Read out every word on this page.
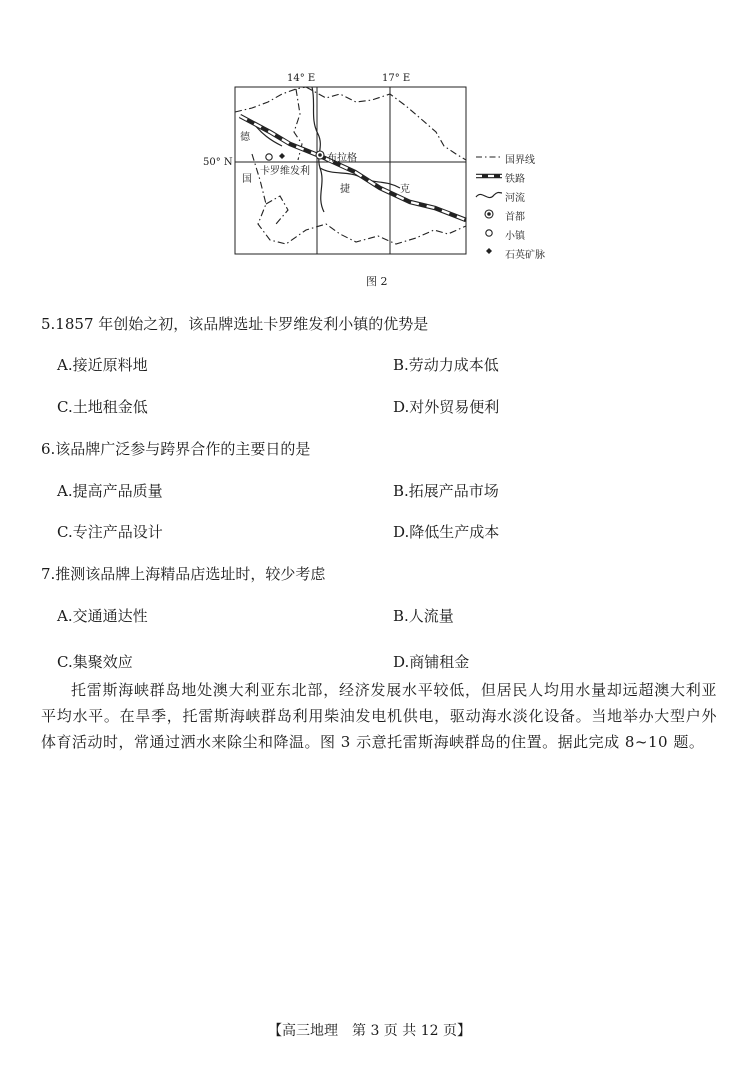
14° E	17° E
50° N
德
国
布拉格
卡罗维发利
捷	克
国界线
铁路
河流
首都
小镇
石英矿脉
图 2
5.1857 年创始之初，该品牌选址卡罗维发利小镇的优势是
A.接近原料地	B.劳动力成本低
C.土地租金低	D.对外贸易便利
6.该品牌广泛参与跨界合作的主要日的是
A.提高产品质量	B.拓展产品市场
C.专注产品设计	D.降低生产成本
7.推测该品牌上海精品店选址时，较少考虑
A.交通通达性	B.人流量
C.集聚效应	D.商铺租金

托雷斯海峡群岛地处澳大利亚东北部，经济发展水平较低，但居民人均用水量却远超澳大利亚平均水平。在旱季，托雷斯海峡群岛利用柴油发电机供电，驱动海水淡化设备。当地举办大型户外体育活动时，常通过洒水来除尘和降温。图 3 示意托雷斯海峡群岛的住置。据此完成 8~10 题。

【高三地理　第 3 页 共 12 页】
